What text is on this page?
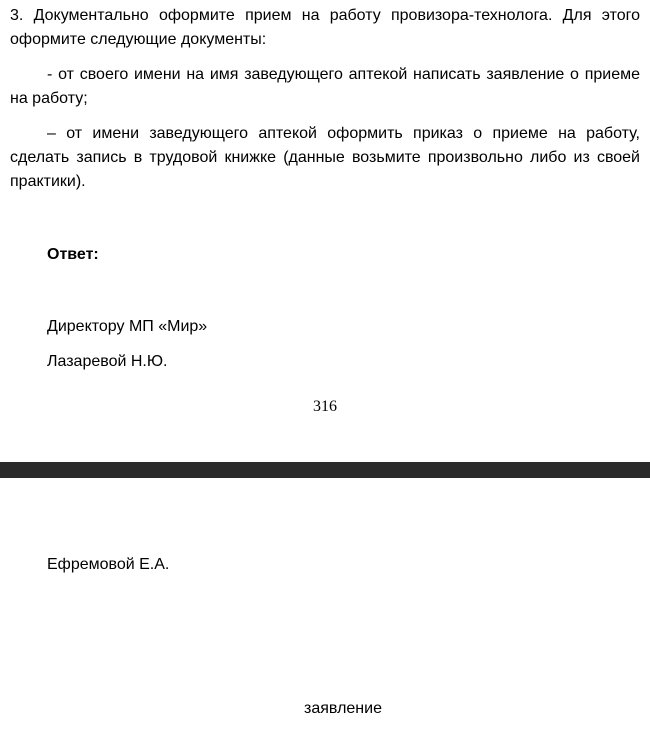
3. Документально оформите прием на работу провизора-технолога. Для этого оформите следующие документы:

- от своего имени на имя заведующего аптекой написать заявление о приеме на работу;

– от имени заведующего аптекой оформить приказ о приеме на работу, сделать запись в трудовой книжке (данные возьмите произвольно либо из своей практики).

Ответ:

Директору МП «Мир»

Лазаревой Н.Ю.

316

Ефремовой Е.А.

заявление
